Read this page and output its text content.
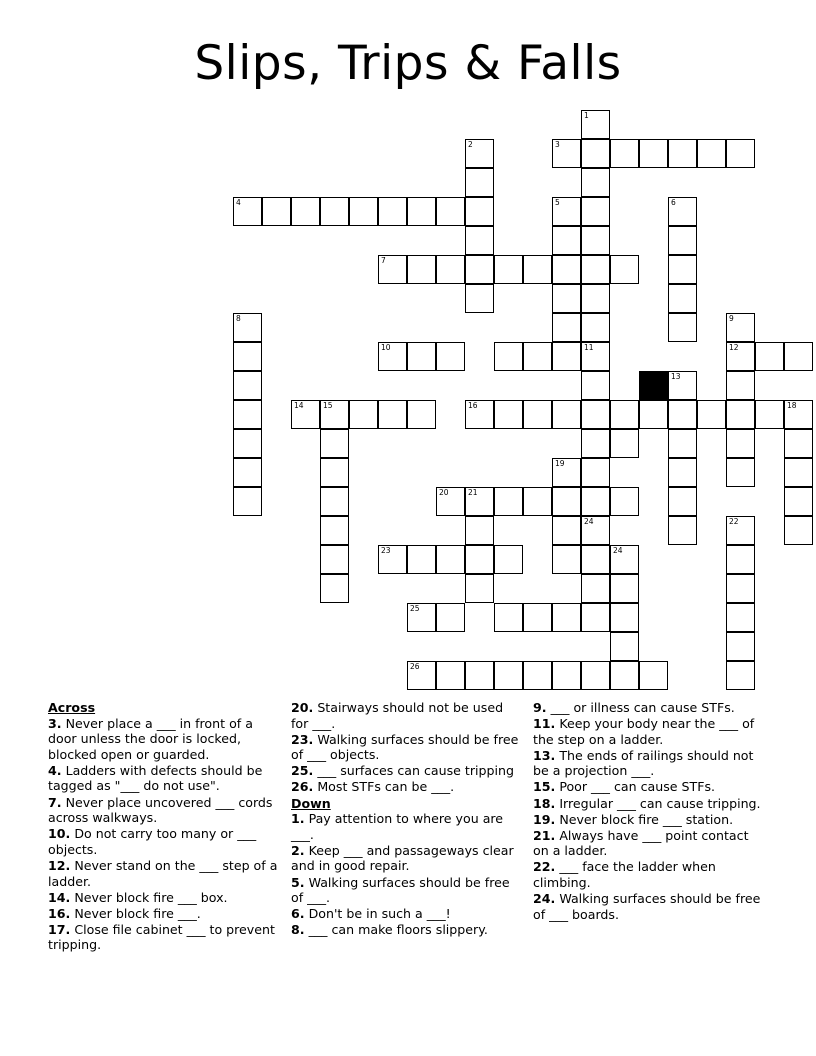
Slips, Trips & Falls
1
11
24
3
2
4	5	6
7
8	9
12
10
13
14	15	16	18
19
20	21
22
23	24
25
26
Across
3. Never place a ___ in front of a door unless the door is locked, blocked open or guarded.
4. Ladders with defects should be tagged as "___ do not use".
7. Never place uncovered ___ cords across walkways.
10. Do not carry too many or ___ objects.
12. Never stand on the ___ step of a ladder.
14. Never block fire ___ box.
16. Never block fire ___.
17. Close file cabinet ___ to prevent tripping.
20. Stairways should not be used for ___.
23. Walking surfaces should be free of ___ objects.
25. ___ surfaces can cause tripping
26. Most STFs can be ___.
Down
1. Pay attention to where you are ___.
2. Keep ___ and passageways clear and in good repair.
5. Walking surfaces should be free of ___.
6. Don't be in such a ___!
8. ___ can make floors slippery.
9. ___ or illness can cause STFs.
11. Keep your body near the ___ of the step on a ladder.
13. The ends of railings should not be a projection ___.
15. Poor ___ can cause STFs.
18. Irregular ___ can cause tripping.
19. Never block fire ___ station.
21. Always have ___ point contact on a ladder.
22. ___ face the ladder when climbing.
24. Walking surfaces should be free of ___ boards.
